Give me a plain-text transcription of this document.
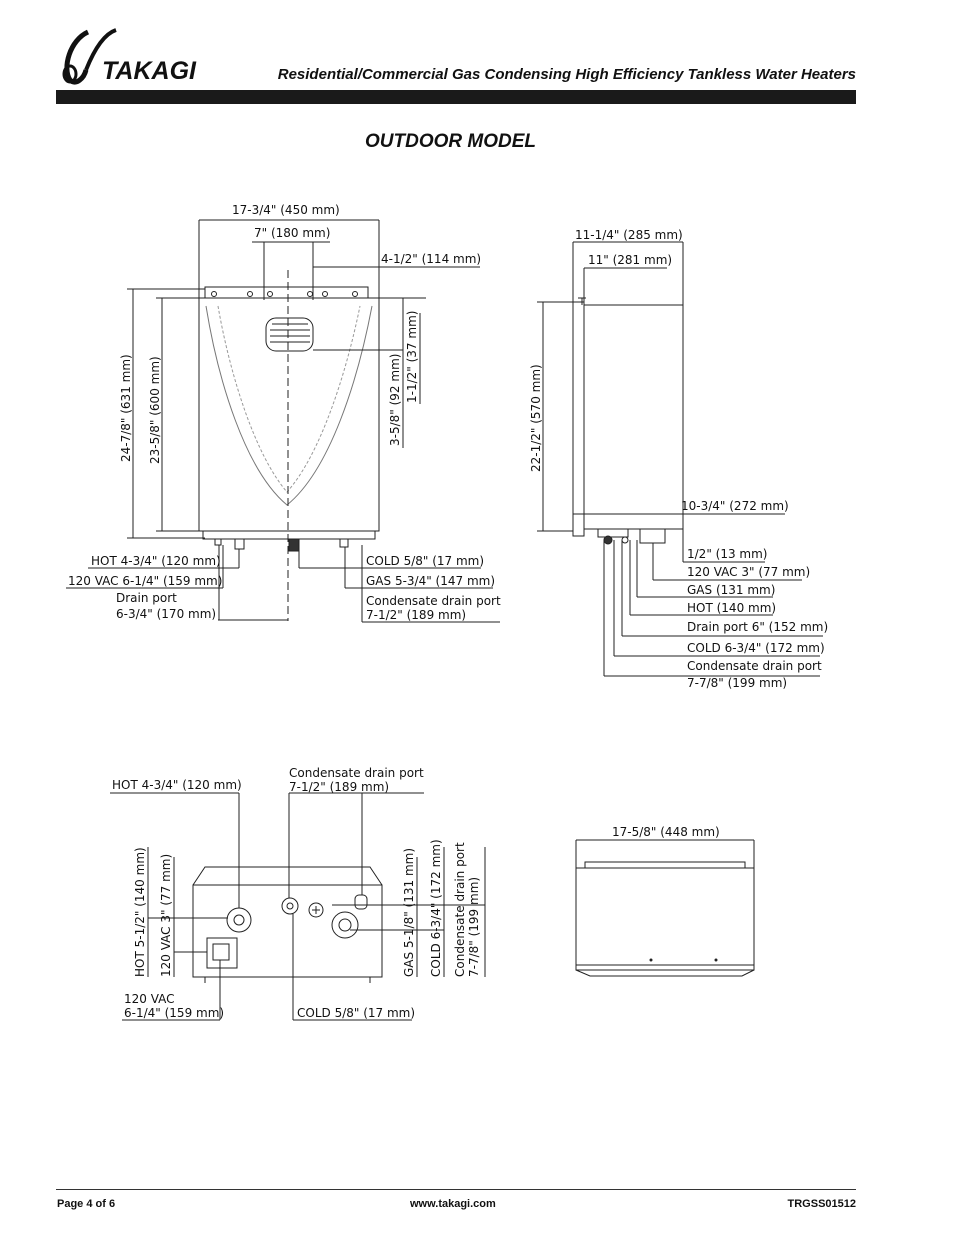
TAKAGI	Residential/Commercial Gas Condensing High Efficiency Tankless Water Heaters
OUTDOOR MODEL
17-3/4" (450 mm)
7" (180 mm)
4-1/2" (114 mm)
24-7/8" (631 mm) 23-5/8" (600 mm)	3-5/8" (92 mm) 1-1/2" (37 mm)
HOT 4-3/4" (120 mm)
120 VAC 6-1/4" (159 mm)
Drain port
6-3/4" (170 mm)
COLD 5/8" (17 mm)
GAS 5-3/4" (147 mm)
Condensate drain port
7-1/2" (189 mm)
11-1/4" (285 mm)
11" (281 mm)
22-1/2" (570 mm)
10-3/4" (272 mm)
1/2" (13 mm)
120 VAC 3" (77 mm)
GAS (131 mm)
HOT (140 mm)
Drain port 6" (152 mm)
COLD 6-3/4" (172 mm)
Condensate drain port
7-7/8" (199 mm)
HOT 4-3/4" (120 mm)
Condensate drain port
7-1/2" (189 mm)
HOT 5-1/2" (140 mm) 120 VAC 3" (77 mm)	GAS 5-1/8" (131 mm) COLD 6-3/4" (172 mm) Condensate drain port 7-7/8" (199 mm)
120 VAC
6-1/4" (159 mm)	COLD 5/8" (17 mm)
17-5/8" (448 mm)
Page 4 of 6	www.takagi.com	TRGSS01512
